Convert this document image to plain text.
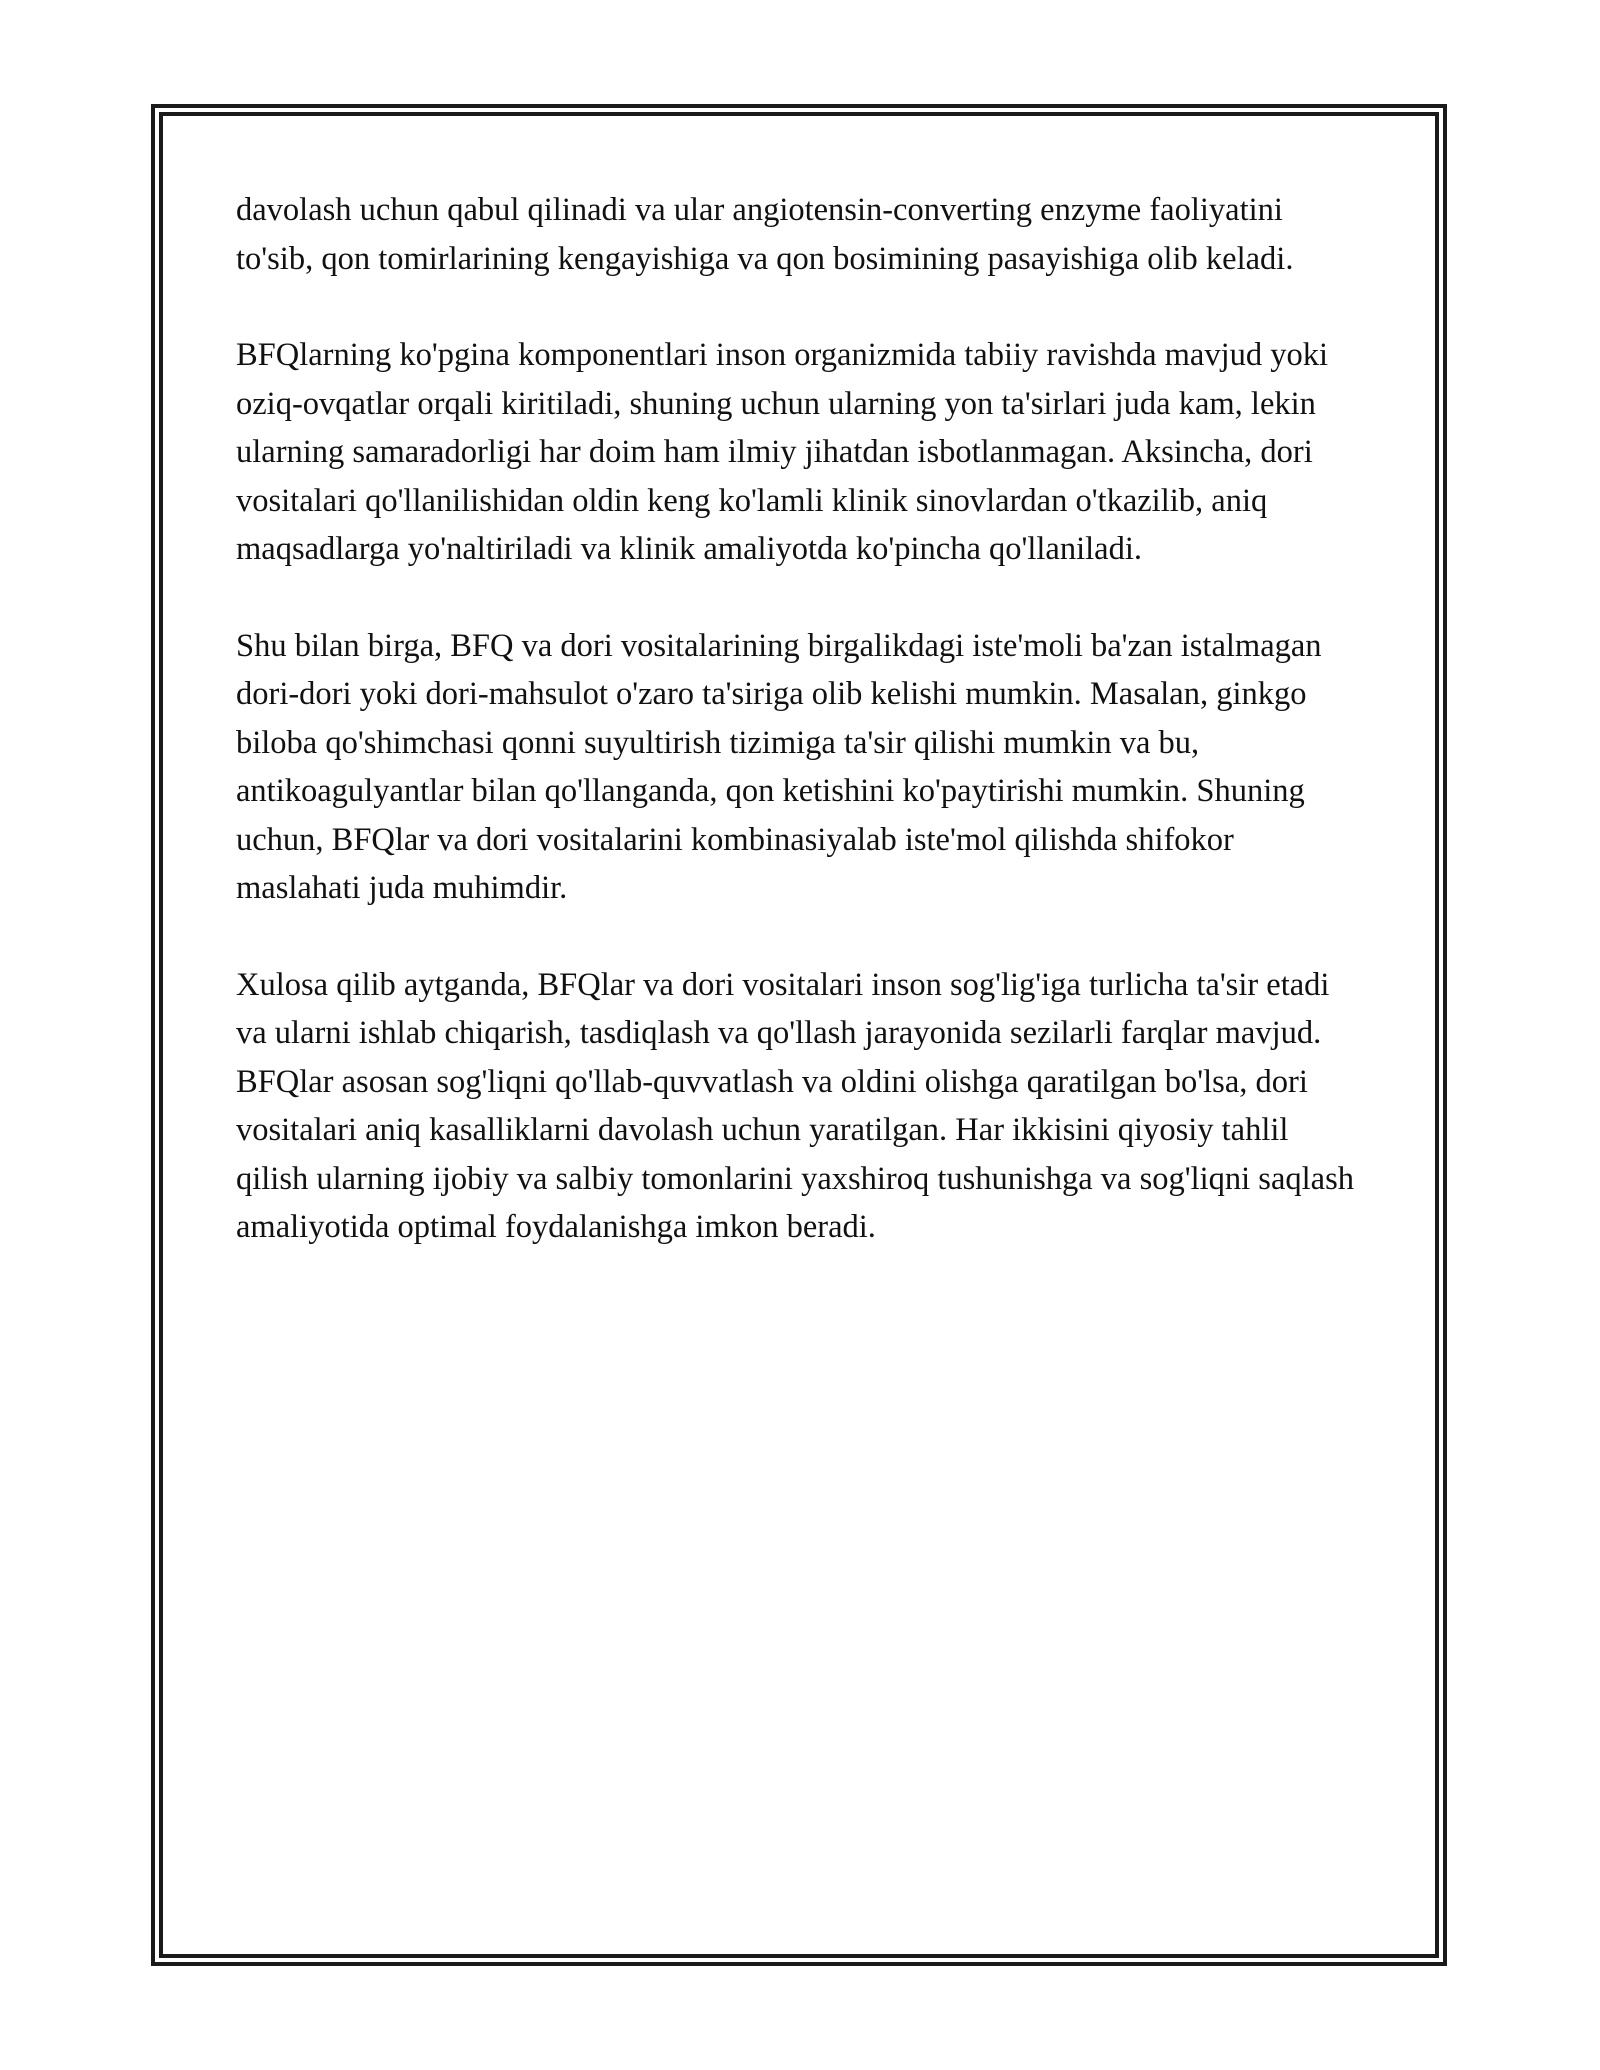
davolash uchun qabul qilinadi va ular angiotensin-converting enzyme faoliyatini to'sib, qon tomirlarining kengayishiga va qon bosimining pasayishiga olib keladi.

BFQlarning ko'pgina komponentlari inson organizmida tabiiy ravishda mavjud yoki oziq-ovqatlar orqali kiritiladi, shuning uchun ularning yon ta'sirlari juda kam, lekin ularning samaradorligi har doim ham ilmiy jihatdan isbotlanmagan. Aksincha, dori vositalari qo'llanilishidan oldin keng ko'lamli klinik sinovlardan o'tkazilib, aniq maqsadlarga yo'naltiriladi va klinik amaliyotda ko'pincha qo'llaniladi.

Shu bilan birga, BFQ va dori vositalarining birgalikdagi iste'moli ba'zan istalmagan dori-dori yoki dori-mahsulot o'zaro ta'siriga olib kelishi mumkin. Masalan, ginkgo biloba qo'shimchasi qonni suyultirish tizimiga ta'sir qilishi mumkin va bu, antikoagulyantlar bilan qo'llanganda, qon ketishini ko'paytirishi mumkin. Shuning uchun, BFQlar va dori vositalarini kombinasiyalab iste'mol qilishda shifokor maslahati juda muhimdir.

Xulosa qilib aytganda, BFQlar va dori vositalari inson sog'lig'iga turlicha ta'sir etadi va ularni ishlab chiqarish, tasdiqlash va qo'llash jarayonida sezilarli farqlar mavjud. BFQlar asosan sog'liqni qo'llab-quvvatlash va oldini olishga qaratilgan bo'lsa, dori vositalari aniq kasalliklarni davolash uchun yaratilgan. Har ikkisini qiyosiy tahlil qilish ularning ijobiy va salbiy tomonlarini yaxshiroq tushunishga va sog'liqni saqlash amaliyotida optimal foydalanishga imkon beradi.
